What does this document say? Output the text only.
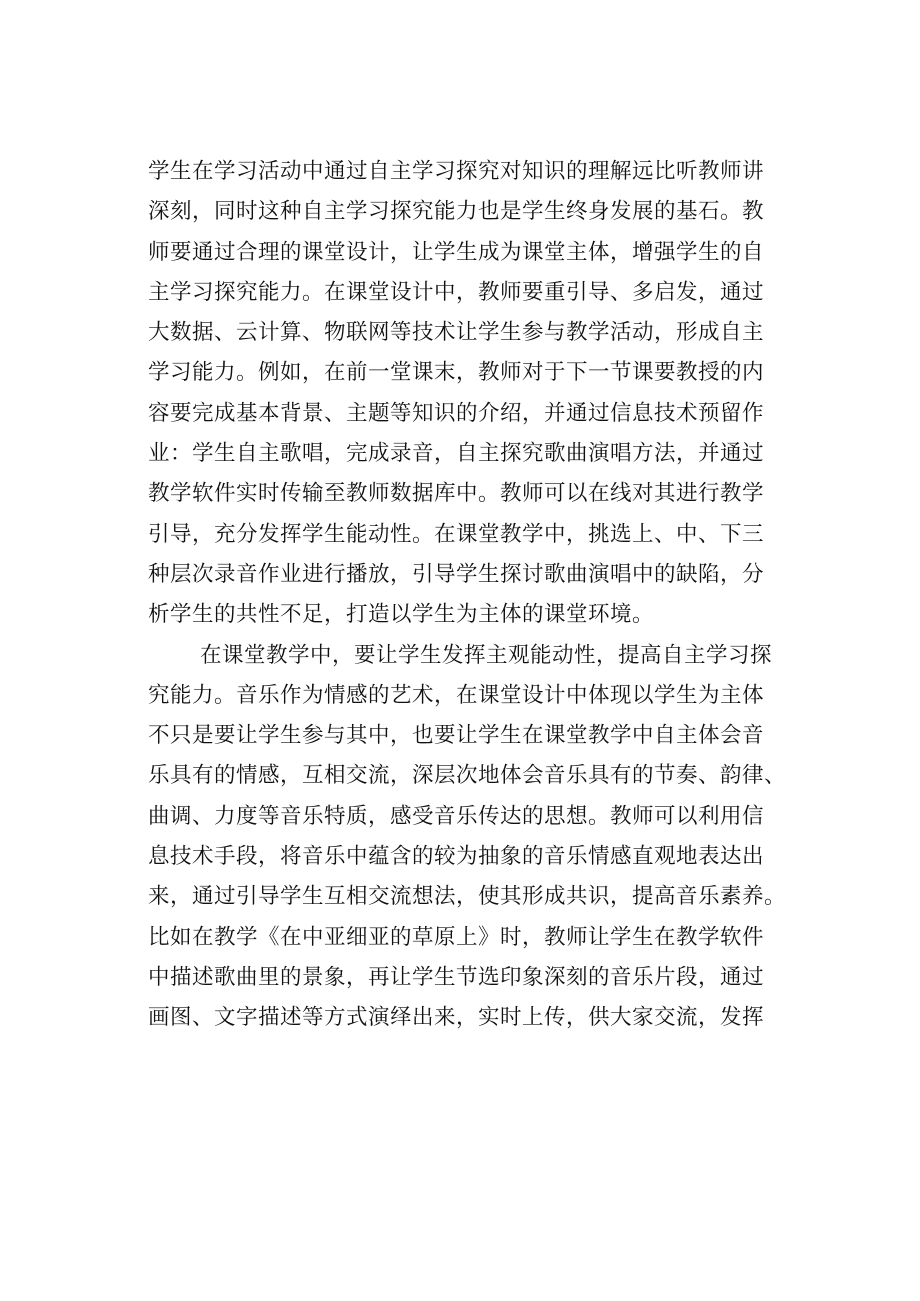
学生在学习活动中通过自主学习探究对知识的理解远比听教师讲
深刻，同时这种自主学习探究能力也是学生终身发展的基石。教
师要通过合理的课堂设计，让学生成为课堂主体，增强学生的自
主学习探究能力。在课堂设计中，教师要重引导、多启发，通过
大数据、云计算、物联网等技术让学生参与教学活动，形成自主
学习能力。例如，在前一堂课末，教师对于下一节课要教授的内
容要完成基本背景、主题等知识的介绍，并通过信息技术预留作
业：学生自主歌唱，完成录音，自主探究歌曲演唱方法，并通过
教学软件实时传输至教师数据库中。教师可以在线对其进行教学
引导，充分发挥学生能动性。在课堂教学中，挑选上、中、下三
种层次录音作业进行播放，引导学生探讨歌曲演唱中的缺陷，分
析学生的共性不足，打造以学生为主体的课堂环境。
在课堂教学中，要让学生发挥主观能动性，提高自主学习探
究能力。音乐作为情感的艺术，在课堂设计中体现以学生为主体
不只是要让学生参与其中，也要让学生在课堂教学中自主体会音
乐具有的情感，互相交流，深层次地体会音乐具有的节奏、韵律、
曲调、力度等音乐特质，感受音乐传达的思想。教师可以利用信
息技术手段，将音乐中蕴含的较为抽象的音乐情感直观地表达出
来，通过引导学生互相交流想法，使其形成共识，提高音乐素养。
比如在教学《在中亚细亚的草原上》时，教师让学生在教学软件
中描述歌曲里的景象，再让学生节选印象深刻的音乐片段，通过
画图、文字描述等方式演绎出来，实时上传，供大家交流，发挥
